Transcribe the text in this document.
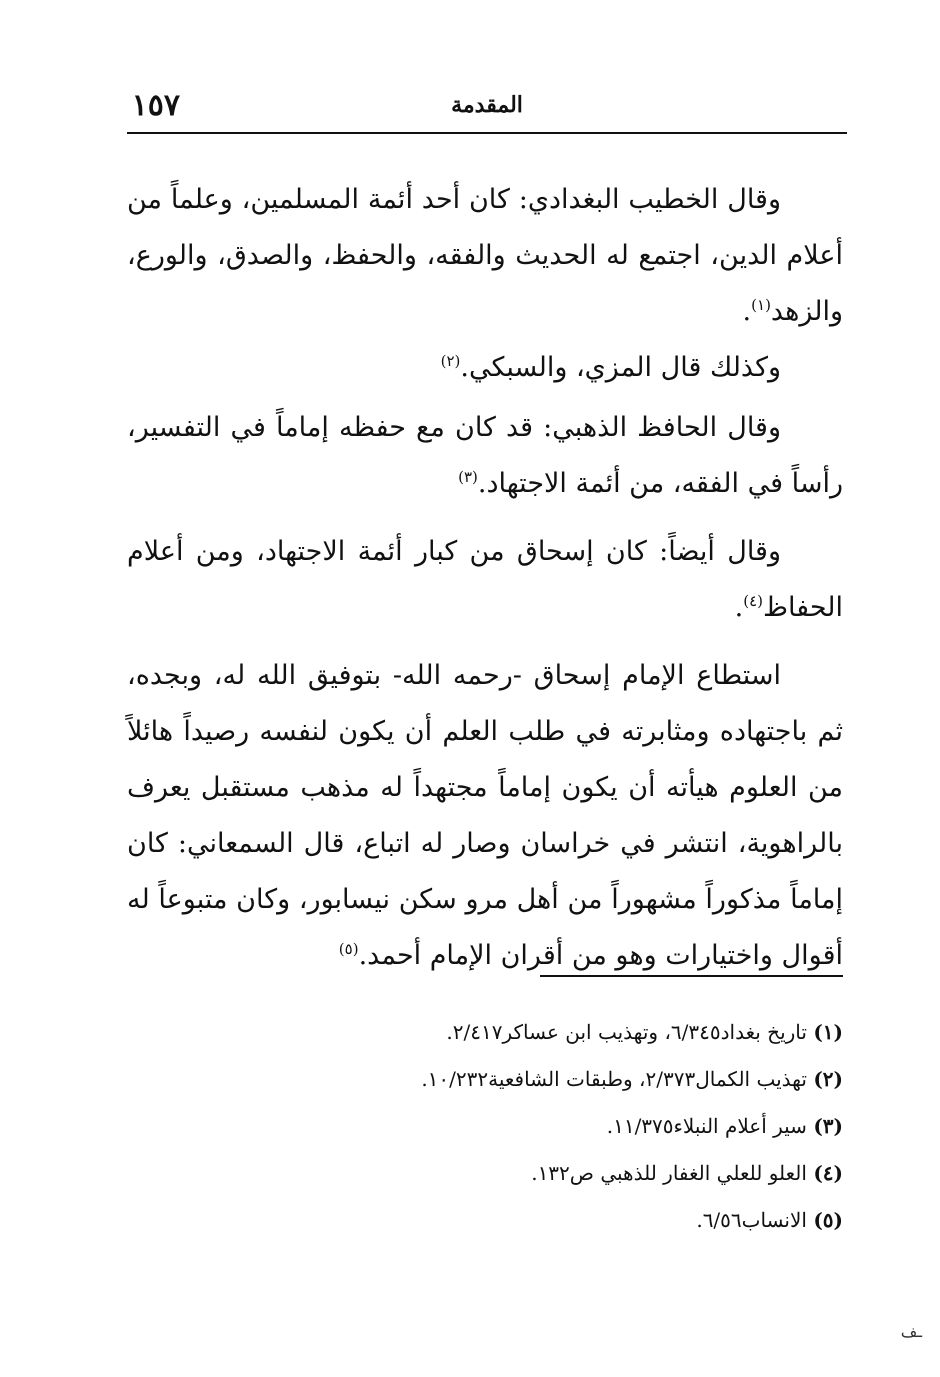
المقدمة
١٥٧

وقال الخطيب البغدادي: كان أحد أئمة المسلمين، وعلماً من أعلام الدين، اجتمع له الحديث والفقه، والحفظ، والصدق، والورع، والزهد$^{(١)}$.

وكذلك قال المزي، والسبكي.$^{(٢)}$

وقال الحافظ الذهبي: قد كان مع حفظه إماماً في التفسير، رأساً في الفقه، من أئمة الاجتهاد.$^{(٣)}$

وقال أيضاً: كان إسحاق من كبار أئمة الاجتهاد، ومن أعلام الحفاظ$^{(٤)}$.

استطاع الإمام إسحاق -رحمه الله- بتوفيق الله له، وبجده، ثم باجتهاده ومثابرته في طلب العلم أن يكون لنفسه رصيداً هائلاً من العلوم هيأته أن يكون إماماً مجتهداً له مذهب مستقبل يعرف بالراهوية، انتشر في خراسان وصار له اتباع، قال السمعاني: كان إماماً مذكوراً مشهوراً من أهل مرو سكن نيسابور، وكان متبوعاً له أقوال واختيارات وهو من أقران الإمام أحمد.$^{(٥)}$

(١) تاريخ بغداد٦/٣٤٥، وتهذيب ابن عساكر٢/٤١٧.

(٢) تهذيب الكمال٢/٣٧٣، وطبقات الشافعية١٠/٢٣٢.

(٣) سير أعلام النبلاء١١/٣٧٥.

(٤) العلو للعلي الغفار للذهبي ص١٣٢.

(٥) الانساب٦/٥٦.

ـف
